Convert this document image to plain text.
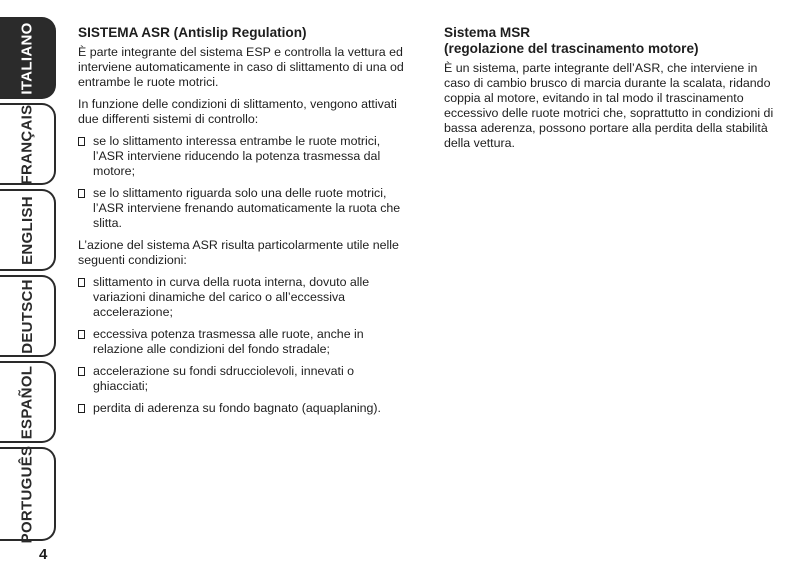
ITALIANO
FRANÇAIS
ENGLISH
DEUTSCH
ESPAÑOL
PORTUGUÊS
4
SISTEMA ASR (Antislip Regulation)

È parte integrante del sistema ESP e controlla la vettura ed interviene automaticamente in caso di slittamento di una od entrambe le ruote motrici.

In funzione delle condizioni di slittamento, vengono attivati due differenti sistemi di controllo:

se lo slittamento interessa entrambe le ruote motrici, l’ASR interviene riducendo la potenza trasmessa dal motore;
se lo slittamento riguarda solo una delle ruote motrici, l’ASR interviene frenando automaticamente la ruota che slitta.

L’azione del sistema ASR risulta particolarmente utile nelle seguenti condizioni:

slittamento in curva della ruota interna, dovuto alle variazioni dinamiche del carico o all’eccessiva accelerazione;
eccessiva potenza trasmessa alle ruote, anche in relazione alle condizioni del fondo stradale;
accelerazione su fondi sdrucciolevoli, innevati o ghiacciati;
perdita di aderenza su fondo bagnato (aquaplaning).
Sistema MSR
(regolazione del trascinamento motore)

È un sistema, parte integrante dell’ASR, che interviene in caso di cambio brusco di marcia durante la scalata, ridando coppia al motore, evitando in tal modo il trascinamento eccessivo delle ruote motrici che, soprattutto in condizioni di bassa aderenza, possono portare alla perdita della stabilità della vettura.
